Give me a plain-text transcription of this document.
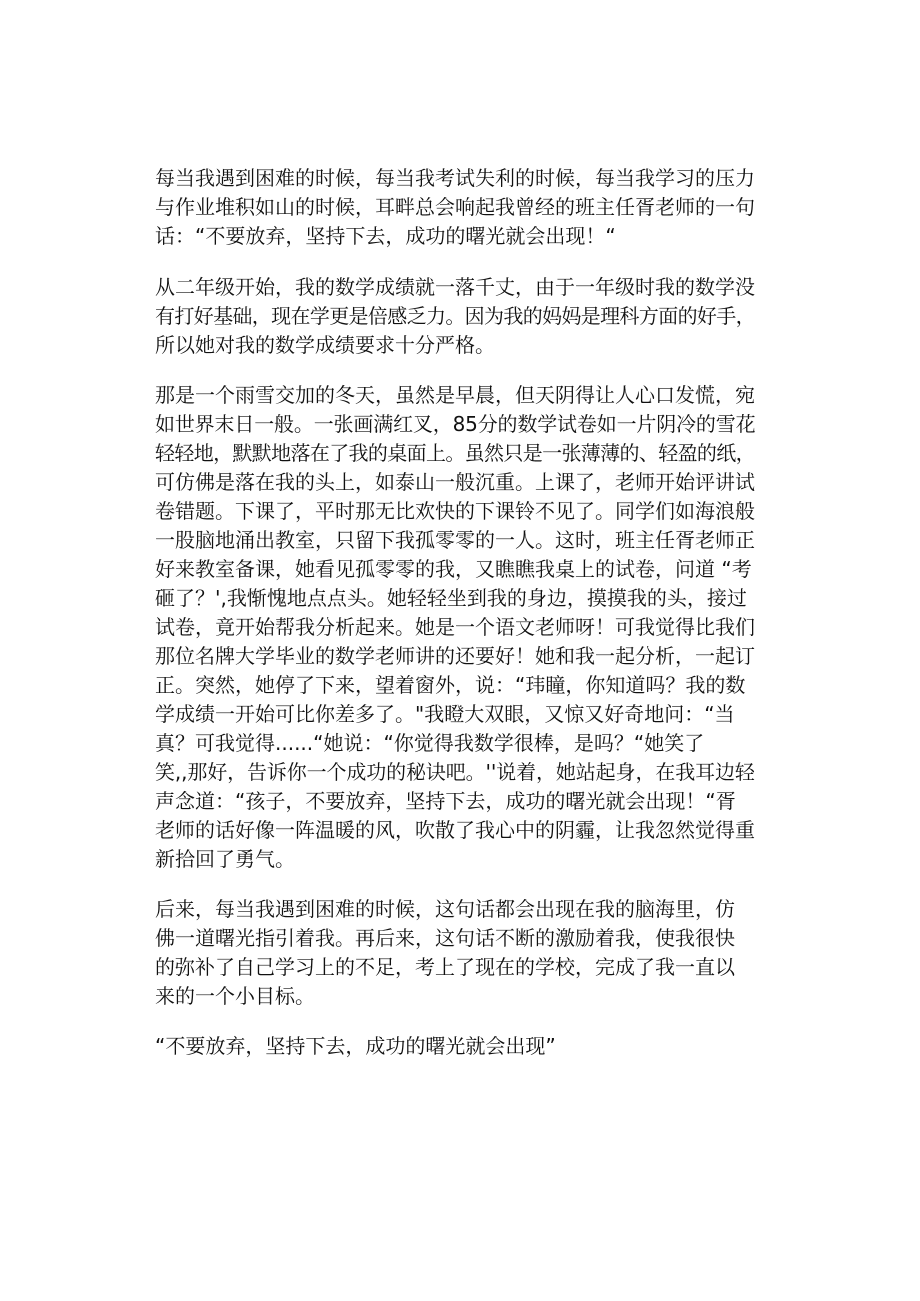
每当我遇到困难的时候，每当我考试失利的时候，每当我学习的压力
与作业堆积如山的时候，耳畔总会响起我曾经的班主任胥老师的一句
话：“不要放弃，坚持下去，成功的曙光就会出现！“
从二年级开始，我的数学成绩就一落千丈，由于一年级时我的数学没
有打好基础，现在学更是倍感乏力。因为我的妈妈是理科方面的好手，
所以她对我的数学成绩要求十分严格。
那是一个雨雪交加的冬天，虽然是早晨，但天阴得让人心口发慌，宛
如世界末日一般。一张画满红叉，85分的数学试卷如一片阴冷的雪花
轻轻地，默默地落在了我的桌面上。虽然只是一张薄薄的、轻盈的纸，
可仿佛是落在我的头上，如泰山一般沉重。上课了，老师开始评讲试
卷错题。下课了，平时那无比欢快的下课铃不见了。同学们如海浪般
一股脑地涌出教室，只留下我孤零零的一人。这时，班主任胥老师正
好来教室备课，她看见孤零零的我，又瞧瞧我桌上的试卷，问道 “考
砸了？',我惭愧地点点头。她轻轻坐到我的身边，摸摸我的头，接过
试卷，竟开始帮我分析起来。她是一个语文老师呀！可我觉得比我们
那位名牌大学毕业的数学老师讲的还要好！她和我一起分析，一起订
正。突然，她停了下来，望着窗外，说：“玮瞳，你知道吗？我的数
学成绩一开始可比你差多了。"我瞪大双眼，又惊又好奇地问：“当
真？可我觉得......“她说：“你觉得我数学很棒，是吗？“她笑了
笑,,那好，告诉你一个成功的秘诀吧。''说着，她站起身，在我耳边轻
声念道：“孩子，不要放弃，坚持下去，成功的曙光就会出现！“胥
老师的话好像一阵温暖的风，吹散了我心中的阴霾，让我忽然觉得重
新拾回了勇气。
后来，每当我遇到困难的时候，这句话都会出现在我的脑海里，仿
佛一道曙光指引着我。再后来，这句话不断的激励着我，使我很快
的弥补了自己学习上的不足，考上了现在的学校，完成了我一直以
来的一个小目标。
“不要放弃，坚持下去，成功的曙光就会出现”
